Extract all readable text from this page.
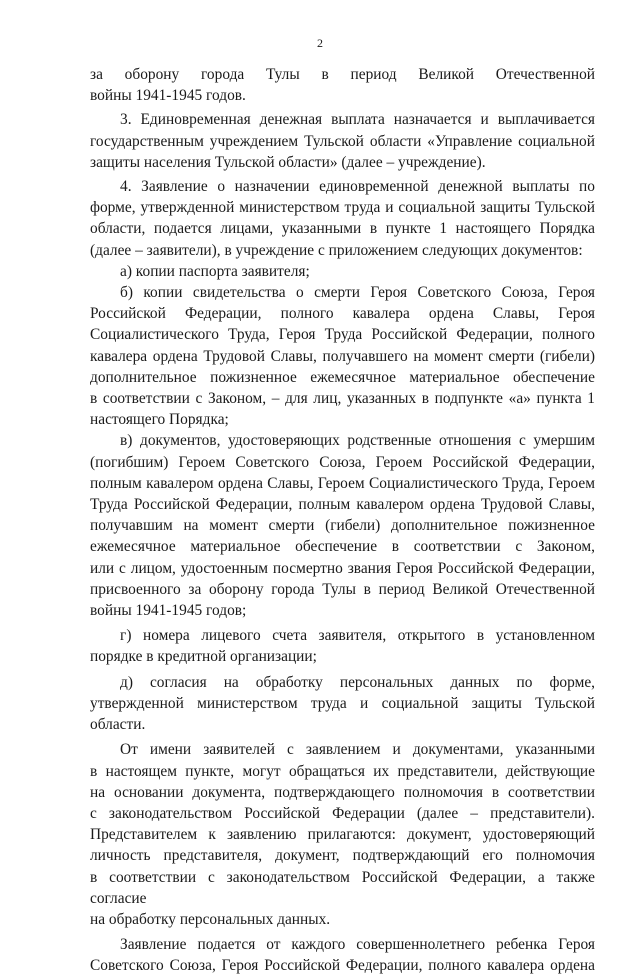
2

за оборону города Тулы в период Великой Отечественной

войны 1941-1945 годов.

3. Единовременная денежная выплата назначается и выплачивается

государственным учреждением Тульской области «Управление социальной

защиты населения Тульской области» (далее – учреждение).

4. Заявление о назначении единовременной денежной выплаты по

форме, утвержденной министерством труда и социальной защиты Тульской

области, подается лицами, указанными в пункте 1 настоящего Порядка

(далее – заявители), в учреждение с приложением следующих документов:

а) копии паспорта заявителя;

б) копии свидетельства о смерти Героя Советского Союза, Героя

Российской Федерации, полного кавалера ордена Славы, Героя

Социалистического Труда, Героя Труда Российской Федерации, полного

кавалера ордена Трудовой Славы, получавшего на момент смерти (гибели)

дополнительное пожизненное ежемесячное материальное обеспечение

в соответствии с Законом, – для лиц, указанных в подпункте «а» пункта 1

настоящего Порядка;

в) документов, удостоверяющих родственные отношения с умершим

(погибшим) Героем Советского Союза, Героем Российской Федерации,

полным кавалером ордена Славы, Героем Социалистического Труда, Героем

Труда Российской Федерации, полным кавалером ордена Трудовой Славы,

получавшим на момент смерти (гибели) дополнительное пожизненное

ежемесячное материальное обеспечение в соответствии с Законом,

или с лицом, удостоенным посмертно звания Героя Российской Федерации,

присвоенного за оборону города Тулы в период Великой Отечественной

войны 1941-1945 годов;

г) номера лицевого счета заявителя, открытого в установленном

порядке в кредитной организации;

д) согласия на обработку персональных данных по форме,

утвержденной министерством труда и социальной защиты Тульской области.

От имени заявителей с заявлением и документами, указанными

в настоящем пункте, могут обращаться их представители, действующие

на основании документа, подтверждающего полномочия в соответствии

с законодательством Российской Федерации (далее – представители).

Представителем к заявлению прилагаются: документ, удостоверяющий

личность представителя, документ, подтверждающий его полномочия

в соответствии с законодательством Российской Федерации, а также согласие

на обработку персональных данных.

Заявление подается от каждого совершеннолетнего ребенка Героя

Советского Союза, Героя Российской Федерации, полного кавалера ордена
